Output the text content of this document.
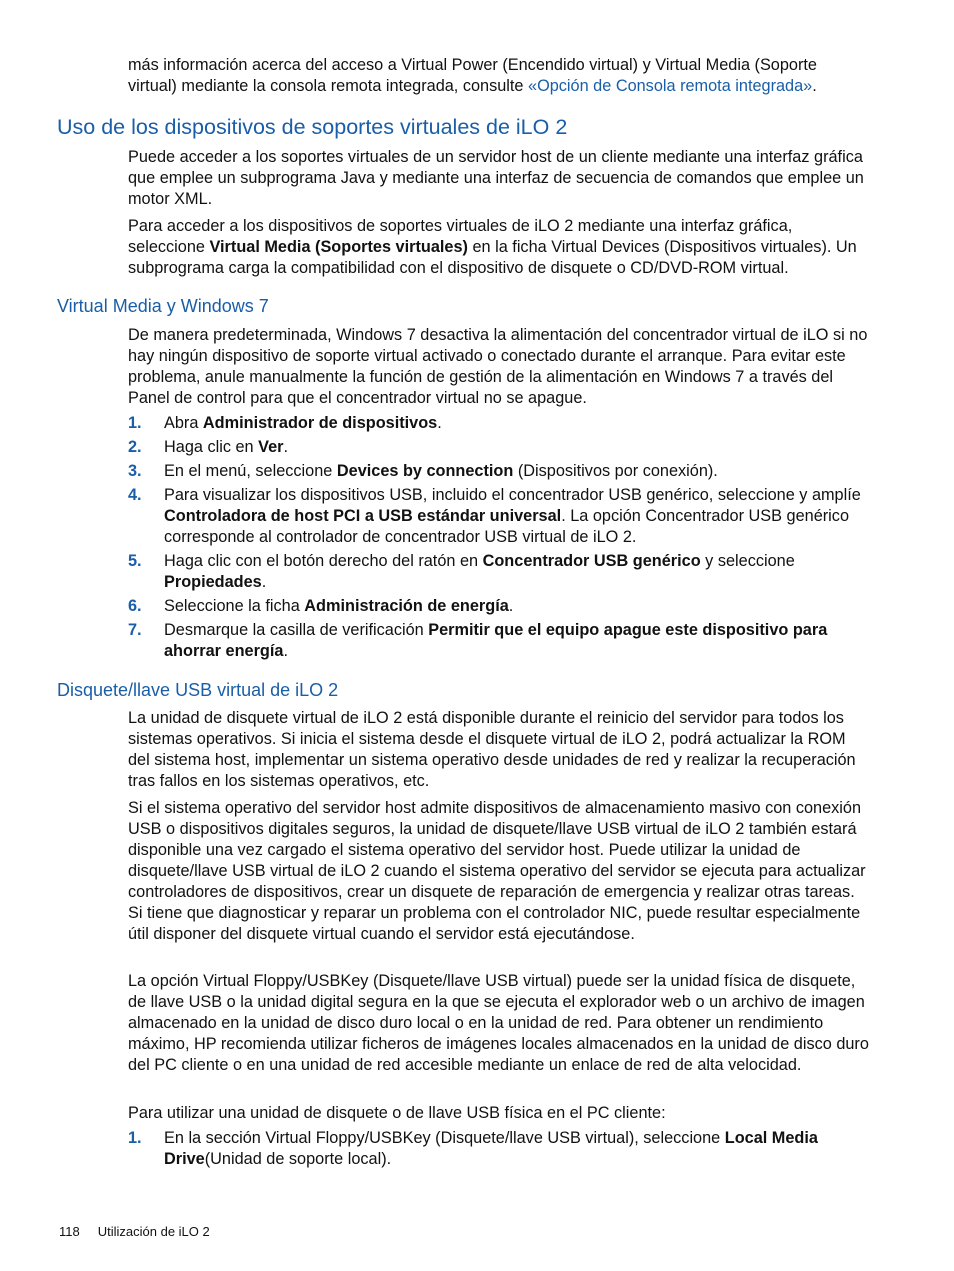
más información acerca del acceso a Virtual Power (Encendido virtual) y Virtual Media (Soporte virtual) mediante la consola remota integrada, consulte «Opción de Consola remota integrada».

Uso de los dispositivos de soportes virtuales de iLO 2

Puede acceder a los soportes virtuales de un servidor host de un cliente mediante una interfaz gráfica que emplee un subprograma Java y mediante una interfaz de secuencia de comandos que emplee un motor XML.

Para acceder a los dispositivos de soportes virtuales de iLO 2 mediante una interfaz gráfica, seleccione Virtual Media (Soportes virtuales) en la ficha Virtual Devices (Dispositivos virtuales). Un subprograma carga la compatibilidad con el dispositivo de disquete o CD/DVD-ROM virtual.

Virtual Media y Windows 7

De manera predeterminada, Windows 7 desactiva la alimentación del concentrador virtual de iLO si no hay ningún dispositivo de soporte virtual activado o conectado durante el arranque. Para evitar este problema, anule manualmente la función de gestión de la alimentación en Windows 7 a través del Panel de control para que el concentrador virtual no se apague.

1. Abra Administrador de dispositivos.
2. Haga clic en Ver.
3. En el menú, seleccione Devices by connection (Dispositivos por conexión).
4. Para visualizar los dispositivos USB, incluido el concentrador USB genérico, seleccione y amplíe Controladora de host PCI a USB estándar universal. La opción Concentrador USB genérico corresponde al controlador de concentrador USB virtual de iLO 2.
5. Haga clic con el botón derecho del ratón en Concentrador USB genérico y seleccione Propiedades.
6. Seleccione la ficha Administración de energía.
7. Desmarque la casilla de verificación Permitir que el equipo apague este dispositivo para ahorrar energía.
Disquete/llave USB virtual de iLO 2

La unidad de disquete virtual de iLO 2 está disponible durante el reinicio del servidor para todos los sistemas operativos. Si inicia el sistema desde el disquete virtual de iLO 2, podrá actualizar la ROM del sistema host, implementar un sistema operativo desde unidades de red y realizar la recuperación tras fallos en los sistemas operativos, etc.

Si el sistema operativo del servidor host admite dispositivos de almacenamiento masivo con conexión USB o dispositivos digitales seguros, la unidad de disquete/llave USB virtual de iLO 2 también estará disponible una vez cargado el sistema operativo del servidor host. Puede utilizar la unidad de disquete/llave USB virtual de iLO 2 cuando el sistema operativo del servidor se ejecuta para actualizar controladores de dispositivos, crear un disquete de reparación de emergencia y realizar otras tareas. Si tiene que diagnosticar y reparar un problema con el controlador NIC, puede resultar especialmente útil disponer del disquete virtual cuando el servidor está ejecutándose.

La opción Virtual Floppy/USBKey (Disquete/llave USB virtual) puede ser la unidad física de disquete, de llave USB o la unidad digital segura en la que se ejecuta el explorador web o un archivo de imagen almacenado en la unidad de disco duro local o en la unidad de red. Para obtener un rendimiento máximo, HP recomienda utilizar ficheros de imágenes locales almacenados en la unidad de disco duro del PC cliente o en una unidad de red accesible mediante un enlace de red de alta velocidad.

Para utilizar una unidad de disquete o de llave USB física en el PC cliente:

1. En la sección Virtual Floppy/USBKey (Disquete/llave USB virtual), seleccione Local Media Drive(Unidad de soporte local).
118 Utilización de iLO 2
